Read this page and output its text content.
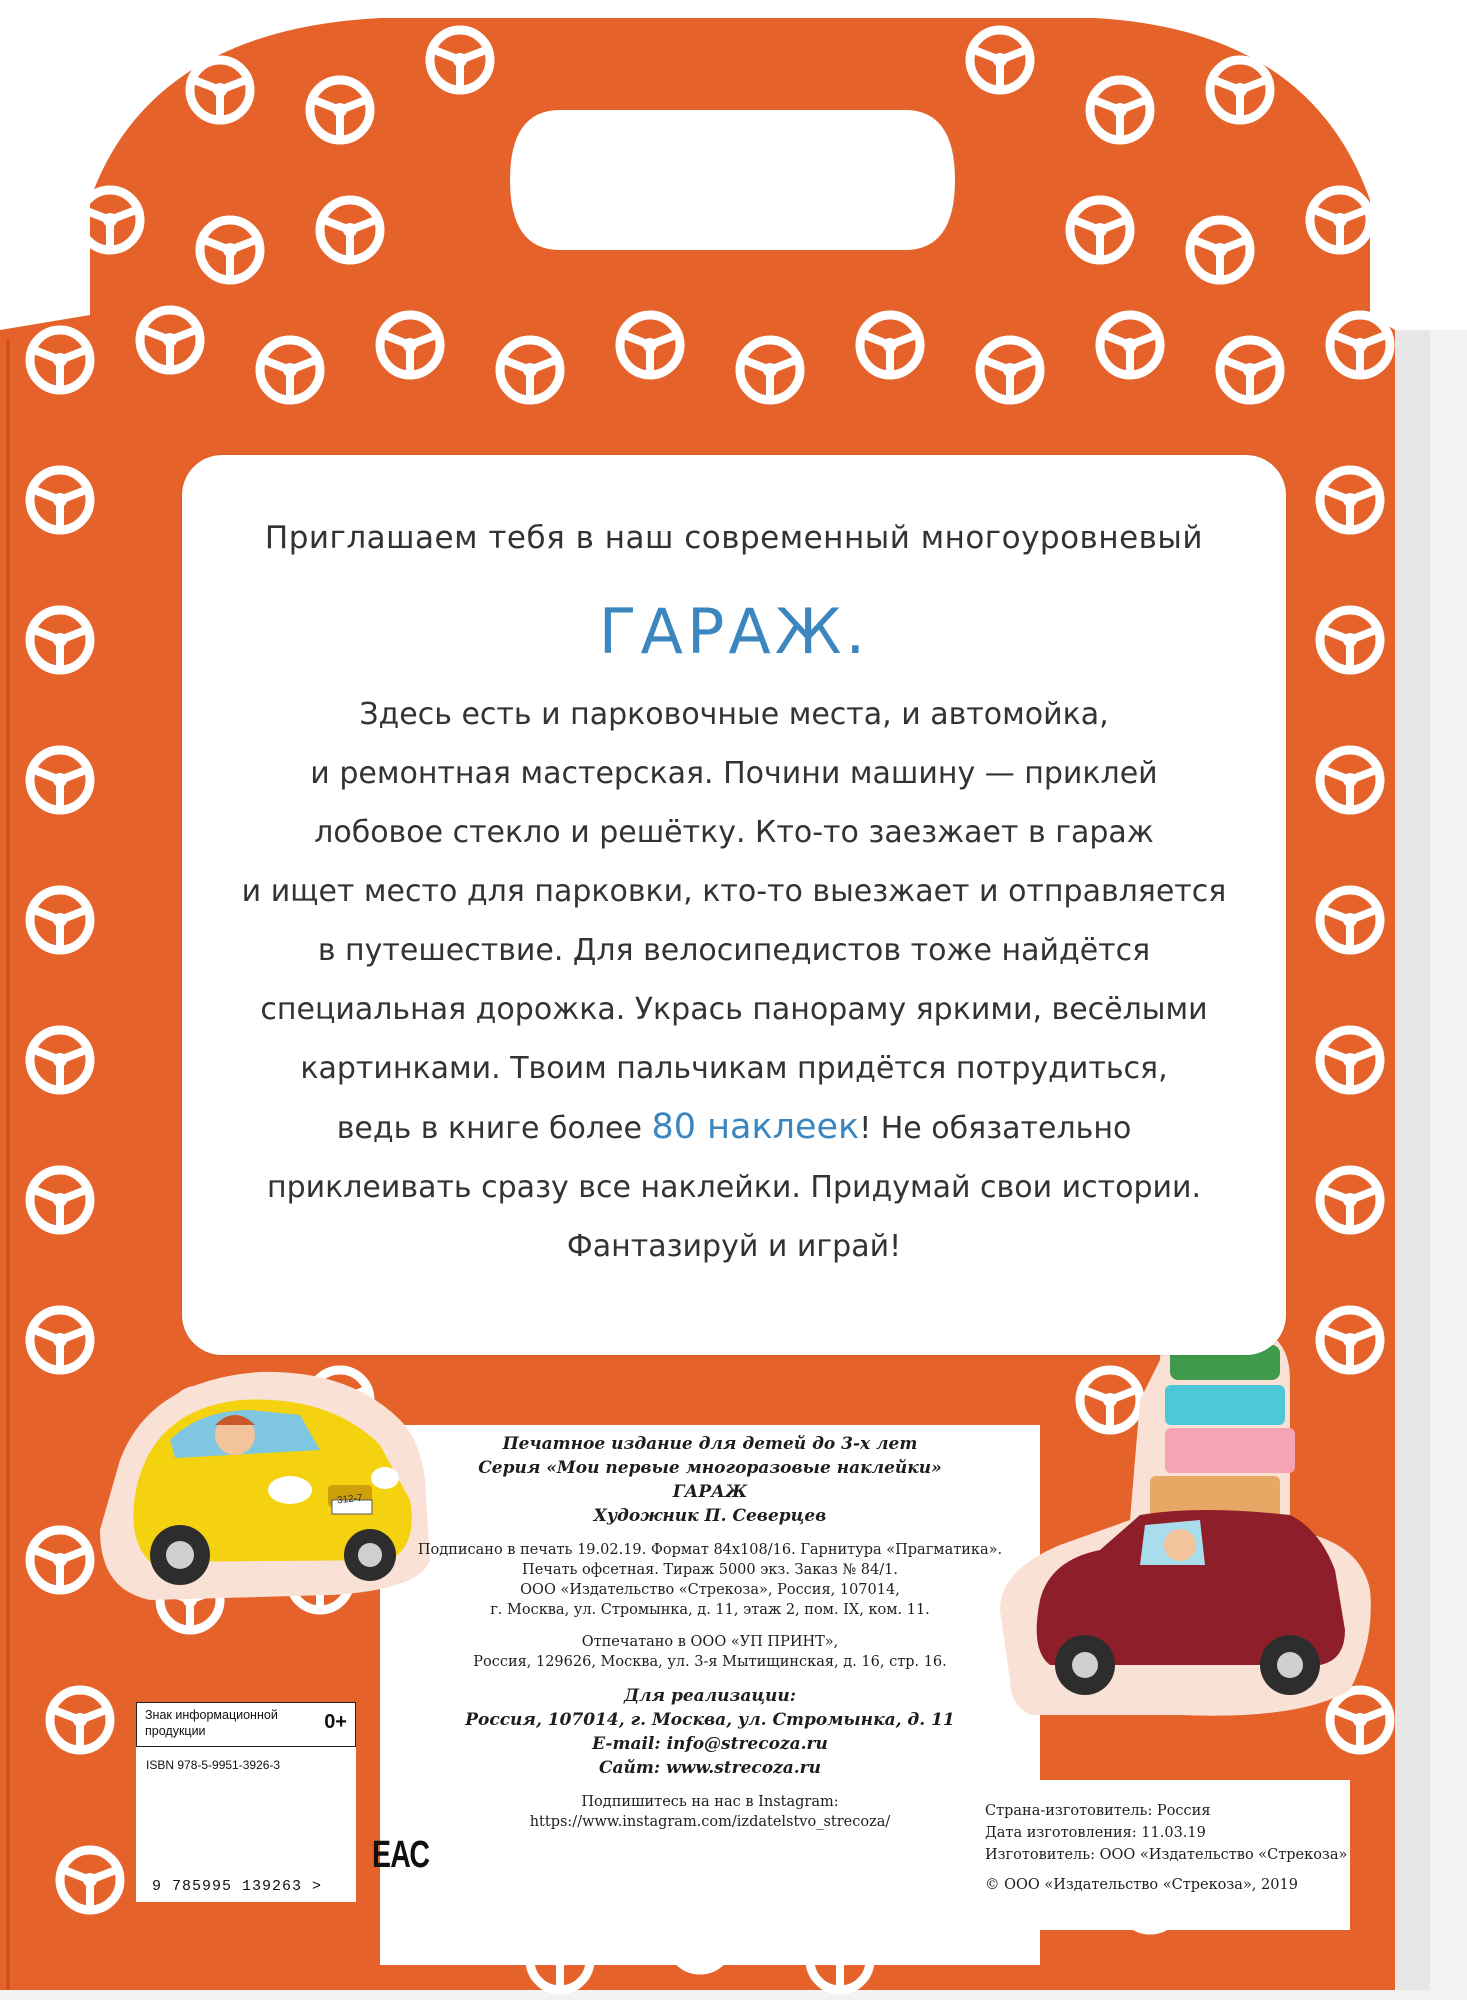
Приглашаем тебя в наш современный многоуровневый
ГАРАЖ.
Здесь есть и парковочные места, и автомойка,
и ремонтная мастерская. Почини машину — приклей
лобовое стекло и решётку. Кто-то заезжает в гараж
и ищет место для парковки, кто-то выезжает и отправляется
в путешествие. Для велосипедистов тоже найдётся
специальная дорожка. Укрась панораму яркими, весёлыми
картинками. Твоим пальчикам придётся потрудиться,
ведь в книге более 80 наклеек! Не обязательно
приклеивать сразу все наклейки. Придумай свои истории.
Фантазируй и играй!
312-7
Печатное издание для детей до 3-х лет
Серия «Мои первые многоразовые наклейки»
ГАРАЖ
Художник П. Северцев
Подписано в печать 19.02.19. Формат 84х108/16. Гарнитура «Прагматика».
Печать офсетная. Тираж 5000 экз. Заказ № 84/1.
ООО «Издательство «Стрекоза», Россия, 107014,
г. Москва, ул. Стромынка, д. 11, этаж 2, пом. IX, ком. 11.
Отпечатано в ООО «УП ПРИНТ»,
Россия, 129626, Москва, ул. 3-я Мытищинская, д. 16, стр. 16.
Для реализации:
Россия, 107014, г. Москва, ул. Стромынка, д. 11
E-mail: info@strecoza.ru
Сайт: www.strecoza.ru
Подпишитесь на нас в Instagram:
https://www.instagram.com/izdatelstvo_strecoza/
Страна-изготовитель: Россия
Дата изготовления: 11.03.19
Изготовитель: ООО «Издательство «Стрекоза»
© ООО «Издательство «Стрекоза», 2019
Знак информационной
продукции	0+
ISBN 978-5-9951-3926-3
9 785995 139263 >
ЕАС
